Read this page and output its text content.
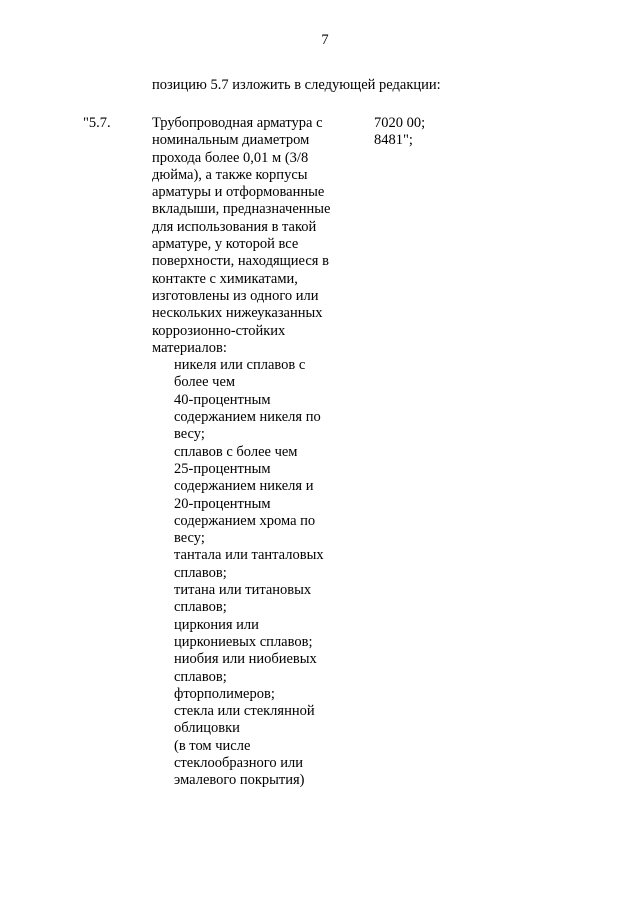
7
позицию 5.7 изложить в следующей редакции:
"5.7.	Трубопроводная арматура с
номинальным диаметром
прохода более 0,01 м (3/8
дюйма), а также корпусы
арматуры и отформованные
вкладыши, предназначенные
для использования в такой
арматуре, у которой все
поверхности, находящиеся в
контакте с химикатами,
изготовлены из одного или
нескольких нижеуказанных
коррозионно-стойких
материалов:
никеля или сплавов с
более чем
40-процентным
содержанием никеля по
весу;
сплавов с более чем
25-процентным
содержанием никеля и
20-процентным
содержанием хрома по
весу;
тантала или танталовых
сплавов;
титана или титановых
сплавов;
циркония или
циркониевых сплавов;
ниобия или ниобиевых
сплавов;
фторполимеров;
стекла или стеклянной
облицовки
(в том числе
стеклообразного или
эмалевого покрытия)
7020 00;
8481";
